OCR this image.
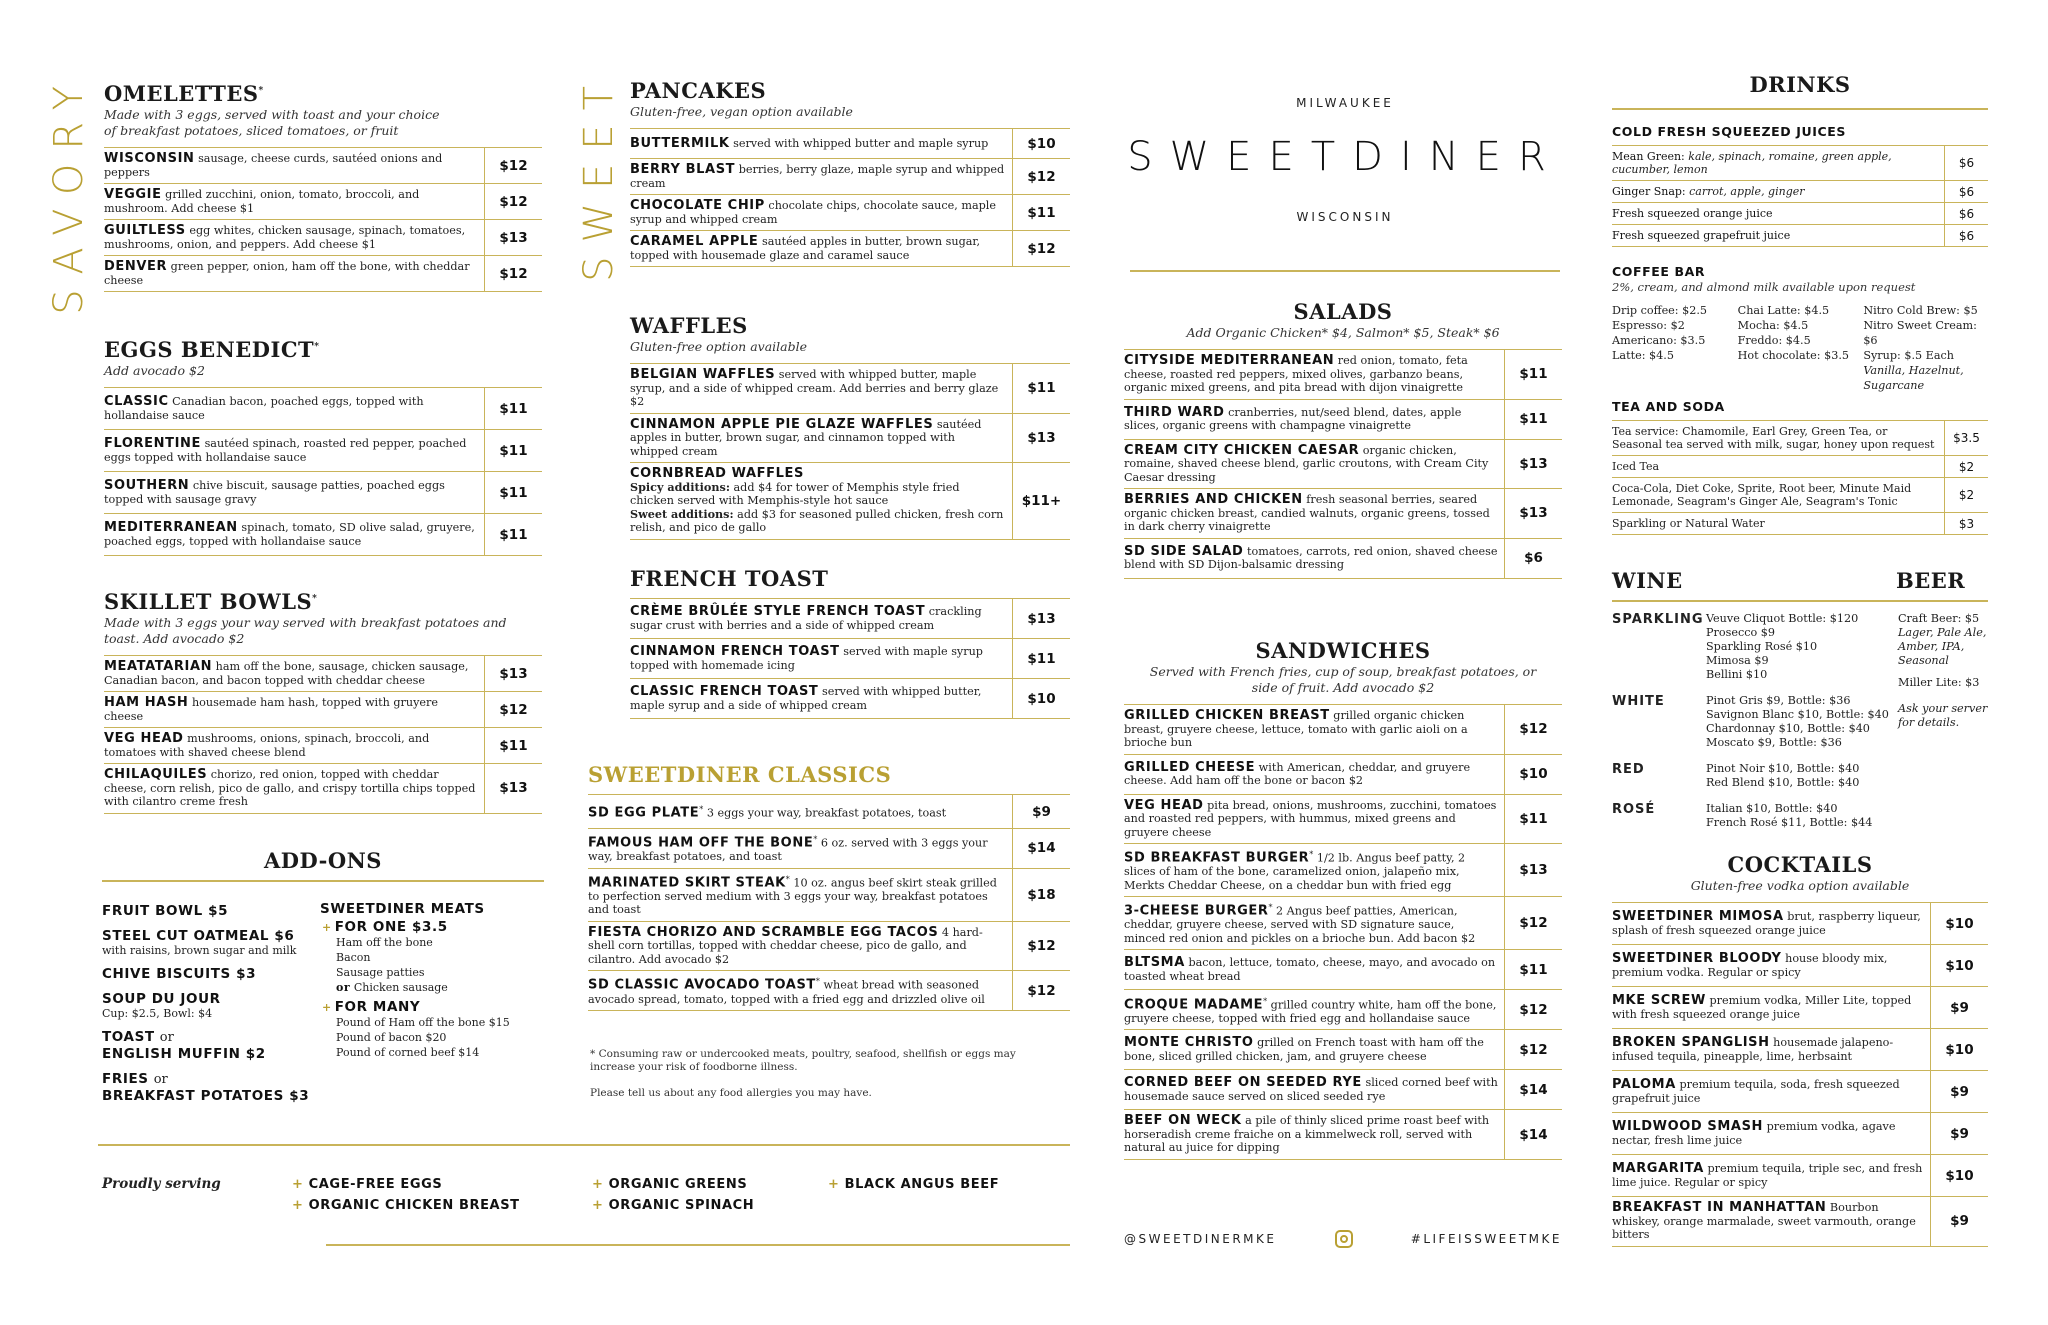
SAVORY	SWEET
OMELETTES*
Made with 3 eggs, served with toast and your choice of breakfast potatoes, sliced tomatoes, or fruit
WISCONSIN sausage, cheese curds, sautéed onions and peppers	$12
VEGGIE grilled zucchini, onion, tomato, broccoli, and mushroom. Add cheese $1	$12
GUILTLESS egg whites, chicken sausage, spinach, tomatoes, mushrooms, onion, and peppers. Add cheese $1	$13
DENVER green pepper, onion, ham off the bone, with cheddar cheese	$12
EGGS BENEDICT*
Add avocado $2
CLASSIC Canadian bacon, poached eggs, topped with hollandaise sauce	$11
FLORENTINE sautéed spinach, roasted red pepper, poached eggs topped with hollandaise sauce	$11
SOUTHERN chive biscuit, sausage patties, poached eggs topped with sausage gravy	$11
MEDITERRANEAN spinach, tomato, SD olive salad, gruyere, poached eggs, topped with hollandaise sauce	$11
SKILLET BOWLS*
Made with 3 eggs your way served with breakfast potatoes and toast. Add avocado $2
MEATATARIAN ham off the bone, sausage, chicken sausage, Canadian bacon, and bacon topped with cheddar cheese	$13
HAM HASH housemade ham hash, topped with gruyere cheese	$12
VEG HEAD mushrooms, onions, spinach, broccoli, and tomatoes with shaved cheese blend	$11
CHILAQUILES chorizo, red onion, topped with cheddar cheese, corn relish, pico de gallo, and crispy tortilla chips topped with cilantro creme fresh
$13
ADD-ONS
FRUIT BOWL $5
STEEL CUT OATMEAL $6
with raisins, brown sugar and milk
CHIVE BISCUITS $3
SOUP DU JOUR
Cup: $2.5, Bowl: $4
TOAST or
ENGLISH MUFFIN $2
FRIES or
BREAKFAST POTATOES $3
SWEETDINER MEATS
+ FOR ONE $3.5
Ham off the bone
Bacon
Sausage patties
or Chicken sausage
+ FOR MANY
Pound of Ham off the bone $15
Pound of bacon $20
Pound of corned beef $14
PANCAKES
Gluten-free, vegan option available
BUTTERMILK served with whipped butter and maple syrup	$10
BERRY BLAST berries, berry glaze, maple syrup and whipped cream	$12
CHOCOLATE CHIP chocolate chips, chocolate sauce, maple syrup and whipped cream	$11
CARAMEL APPLE sautéed apples in butter, brown sugar, topped with housemade glaze and caramel sauce	$12
WAFFLES
Gluten-free option available
BELGIAN WAFFLES served with whipped butter, maple syrup, and a side of whipped cream. Add berries and berry glaze $2
$11
CINNAMON APPLE PIE GLAZE WAFFLES sautéed apples in butter, brown sugar, and cinnamon topped with whipped cream
$13
CORNBREAD WAFFLES
Spicy additions: add $4 for tower of Memphis style fried chicken served with Memphis-style hot sauce
Sweet additions: add $3 for seasoned pulled chicken, fresh corn relish, and pico de gallo
$11+
FRENCH TOAST
CRÈME BRÛLÉE STYLE FRENCH TOAST crackling sugar crust with berries and a side of whipped cream	$13
CINNAMON FRENCH TOAST served with maple syrup topped with homemade icing	$11
CLASSIC FRENCH TOAST served with whipped butter, maple syrup and a side of whipped cream	$10
SWEETDINER CLASSICS
SD EGG PLATE* 3 eggs your way, breakfast potatoes, toast	$9
FAMOUS HAM OFF THE BONE* 6 oz. served with 3 eggs your way, breakfast potatoes, and toast
$14
MARINATED SKIRT STEAK* 10 oz. angus beef skirt steak grilled to perfection served medium with 3 eggs your way, breakfast potatoes and toast
$18
FIESTA CHORIZO AND SCRAMBLE EGG TACOS 4 hard-shell corn tortillas, topped with cheddar cheese, pico de gallo, and cilantro. Add avocado $2
$12
SD CLASSIC AVOCADO TOAST* wheat bread with seasoned avocado spread, tomato, topped with a fried egg and drizzled olive oil
$12
* Consuming raw or undercooked meats, poultry, seafood, shellfish or eggs may increase your risk of foodborne illness.
Please tell us about any food allergies you may have.
Proudly serving	+ CAGE-FREE EGGS
+ ORGANIC CHICKEN BREAST
+ ORGANIC GREENS
+ ORGANIC SPINACH
+ BLACK ANGUS BEEF
MILWAUKEE
SWEETDINER
WISCONSIN
SALADS
Add Organic Chicken* $4, Salmon* $5, Steak* $6
CITYSIDE MEDITERRANEAN red onion, tomato, feta cheese, roasted red peppers, mixed olives, garbanzo beans, organic mixed greens, and pita bread with dijon vinaigrette
$11
THIRD WARD cranberries, nut/seed blend, dates, apple slices, organic greens with champagne vinaigrette	$11
CREAM CITY CHICKEN CAESAR organic chicken, romaine, shaved cheese blend, garlic croutons, with Cream City Caesar dressing
$13
BERRIES AND CHICKEN fresh seasonal berries, seared organic chicken breast, candied walnuts, organic greens, tossed in dark cherry vinaigrette
$13
SD SIDE SALAD tomatoes, carrots, red onion, shaved cheese blend with SD Dijon-balsamic dressing	$6
SANDWICHES
Served with French fries, cup of soup, breakfast potatoes, or side of fruit. Add avocado $2
GRILLED CHICKEN BREAST grilled organic chicken breast, gruyere cheese, lettuce, tomato with garlic aioli on a brioche bun
$12
GRILLED CHEESE with American, cheddar, and gruyere cheese. Add ham off the bone or bacon $2	$10
VEG HEAD pita bread, onions, mushrooms, zucchini, tomatoes and roasted red peppers, with hummus, mixed greens and gruyere cheese
$11
SD BREAKFAST BURGER* 1/2 lb. Angus beef patty, 2 slices of ham of the bone, caramelized onion, jalapeño mix, Merkts Cheddar Cheese, on a cheddar bun with fried egg
$13
3-CHEESE BURGER* 2 Angus beef patties, American, cheddar, gruyere cheese, served with SD signature sauce, minced red onion and pickles on a brioche bun. Add bacon $2
$12
BLTSMA bacon, lettuce, tomato, cheese, mayo, and avocado on toasted wheat bread	$11
CROQUE MADAME* grilled country white, ham off the bone, gruyere cheese, topped with fried egg and hollandaise sauce
$12
MONTE CHRISTO grilled on French toast with ham off the bone, sliced grilled chicken, jam, and gruyere cheese	$12
CORNED BEEF ON SEEDED RYE sliced corned beef with housemade sauce served on sliced seeded rye	$14
BEEF ON WECK a pile of thinly sliced prime roast beef with horseradish creme fraiche on a kimmelweck roll, served with natural au juice for dipping
$14
@SWEETDINERMKE	#LIFEISSWEETMKE
DRINKS
COLD FRESH SQUEEZED JUICES
Mean Green: kale, spinach, romaine, green apple, cucumber, lemon	$6
Ginger Snap: carrot, apple, ginger	$6
Fresh squeezed orange juice	$6
Fresh squeezed grapefruit juice	$6
COFFEE BAR
2%, cream, and almond milk available upon request
Drip coffee: $2.5
Espresso: $2
Americano: $3.5
Latte: $4.5
Chai Latte: $4.5
Mocha: $4.5
Freddo: $4.5
Hot chocolate: $3.5
Nitro Cold Brew: $5
Nitro Sweet Cream: $6
Syrup: $.5 Each
Vanilla, Hazelnut, Sugarcane
TEA AND SODA
Tea service: Chamomile, Earl Grey, Green Tea, or Seasonal tea served with milk, sugar, honey upon request	$3.5
Iced Tea	$2
Coca-Cola, Diet Coke, Sprite, Root beer, Minute Maid Lemonade, Seagram's Ginger Ale, Seagram's Tonic	$2
Sparkling or Natural Water	$3
WINE	BEER
SPARKLING Veuve Cliquot Bottle: $120
Prosecco $9
Sparkling Rosé $10
Mimosa $9
Bellini $10
WHITE	Pinot Gris $9, Bottle: $36
Savignon Blanc $10, Bottle: $40
Chardonnay $10, Bottle: $40
Moscato $9, Bottle: $36
RED	Pinot Noir $10, Bottle: $40
Red Blend $10, Bottle: $40
ROSÉ	Italian $10, Bottle: $40
French Rosé $11, Bottle: $44
Craft Beer: $5
Lager, Pale Ale, Amber, IPA, Seasonal
Miller Lite: $3
Ask your server for details.
COCKTAILS
Gluten-free vodka option available
SWEETDINER MIMOSA brut, raspberry liqueur, splash of fresh squeezed orange juice	$10
SWEETDINER BLOODY house bloody mix, premium vodka. Regular or spicy	$10
MKE SCREW premium vodka, Miller Lite, topped with fresh squeezed orange juice	$9
BROKEN SPANGLISH housemade jalapeno-infused tequila, pineapple, lime, herbsaint	$10
PALOMA premium tequila, soda, fresh squeezed grapefruit juice	$9
WILDWOOD SMASH premium vodka, agave nectar, fresh lime juice	$9
MARGARITA premium tequila, triple sec, and fresh lime juice. Regular or spicy	$10
BREAKFAST IN MANHATTAN Bourbon whiskey, orange marmalade, sweet varmouth, orange bitters
$9
